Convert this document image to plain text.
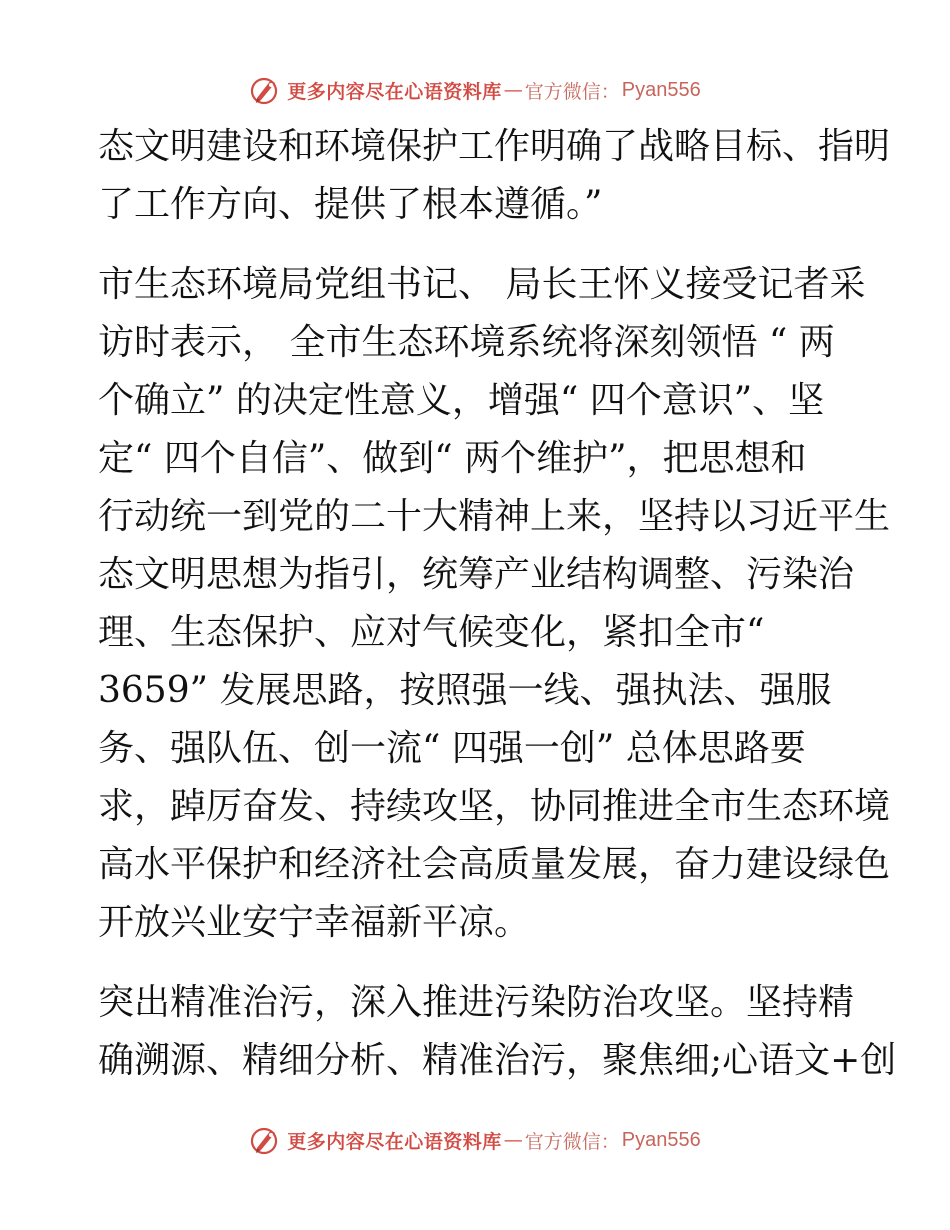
更多内容尽在心语资料库 — 官方微信： Pyan556

态文明建设和环境保护工作明确了战略目标、指明
了工作方向、提供了根本遵循。”

市生态环境局党组书记、 局长王怀义接受记者采
访时表示， 全市生态环境系统将深刻领悟 “ 两
个确立” 的决定性意义，增强“ 四个意识”、坚
定“ 四个自信”、做到“ 两个维护”，把思想和
行动统一到党的二十大精神上来，坚持以习近平生
态文明思想为指引，统筹产业结构调整、污染治
理、生态保护、应对气候变化，紧扣全市“
3659” 发展思路，按照强一线、强执法、强服
务、强队伍、创一流“ 四强一创” 总体思路要
求，踔厉奋发、持续攻坚，协同推进全市生态环境
高水平保护和经济社会高质量发展，奋力建设绿色
开放兴业安宁幸福新平凉。

突出精准治污，深入推进污染防治攻坚。坚持精
确溯源、精细分析、精准治污，聚焦细;心语文+创

更多内容尽在心语资料库 — 官方微信： Pyan556
